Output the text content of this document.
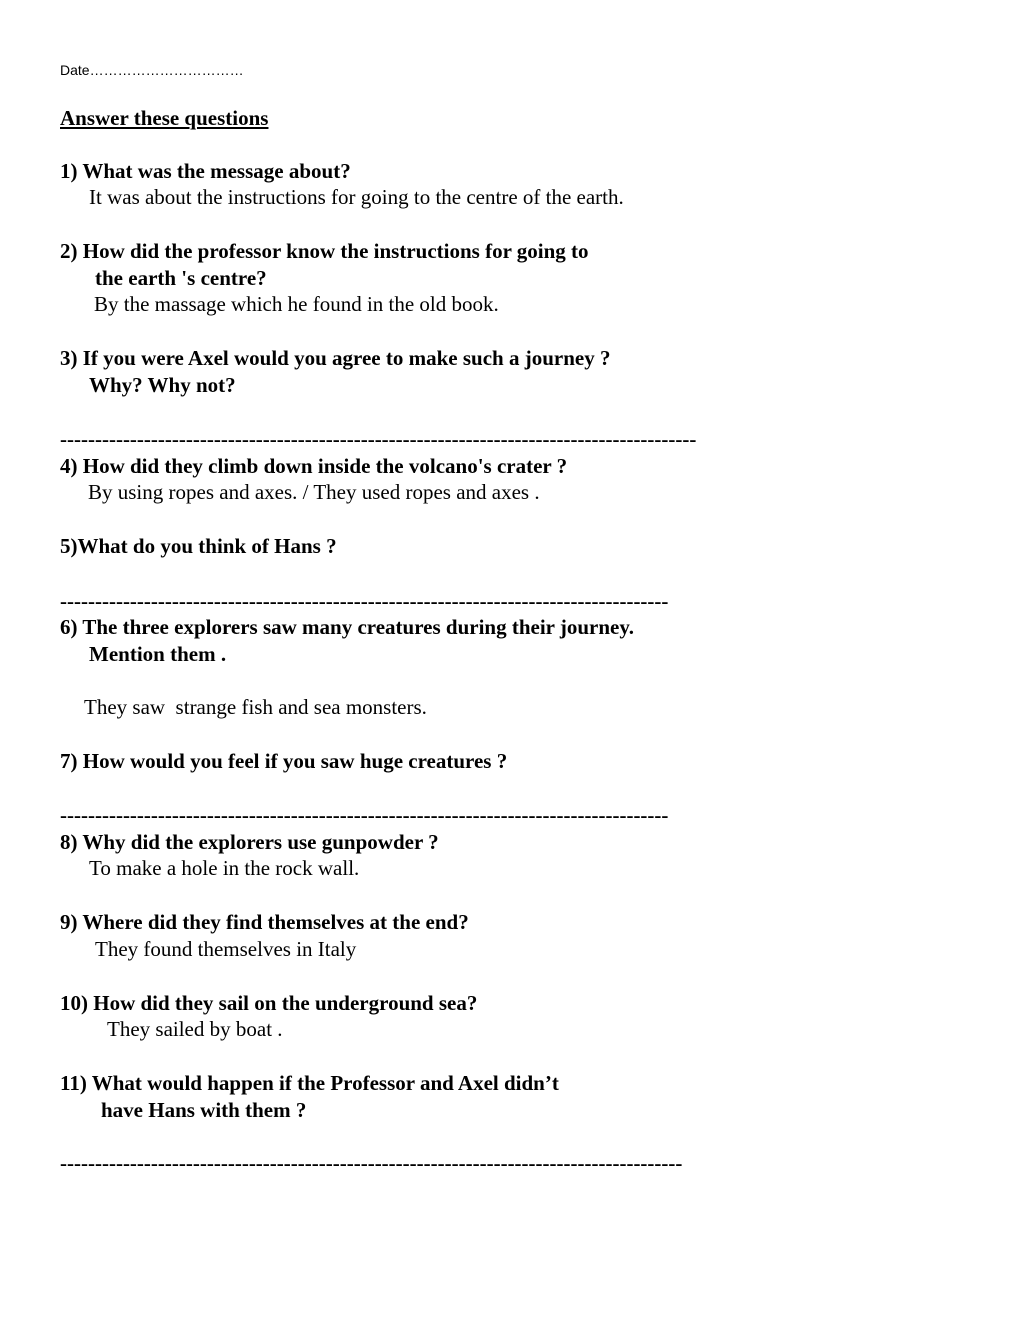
Date……………………………
Answer these questions
1) What was the message about?
It was about the instructions for going to the centre of the earth.
2) How did the professor know the instructions for going to
the earth 's centre?
By the massage which he found in the old book.
3) If you were Axel would you agree to make such a journey ?
Why? Why not?
-------------------------------------------------------------------------------------------
4) How did they climb down inside the volcano's crater ?
By using ropes and axes. / They used ropes and axes .
5)What do you think of Hans ?
---------------------------------------------------------------------------------------
6) The three explorers saw many creatures during their journey.
Mention them .
They saw  strange fish and sea monsters.
7) How would you feel if you saw huge creatures ?
---------------------------------------------------------------------------------------
8) Why did the explorers use gunpowder ?
To make a hole in the rock wall.
9) Where did they find themselves at the end?
They found themselves in Italy
10) How did they sail on the underground sea?
They sailed by boat .
11) What would happen if the Professor and Axel didn’t
have Hans with them ?
-----------------------------------------------------------------------------------------
